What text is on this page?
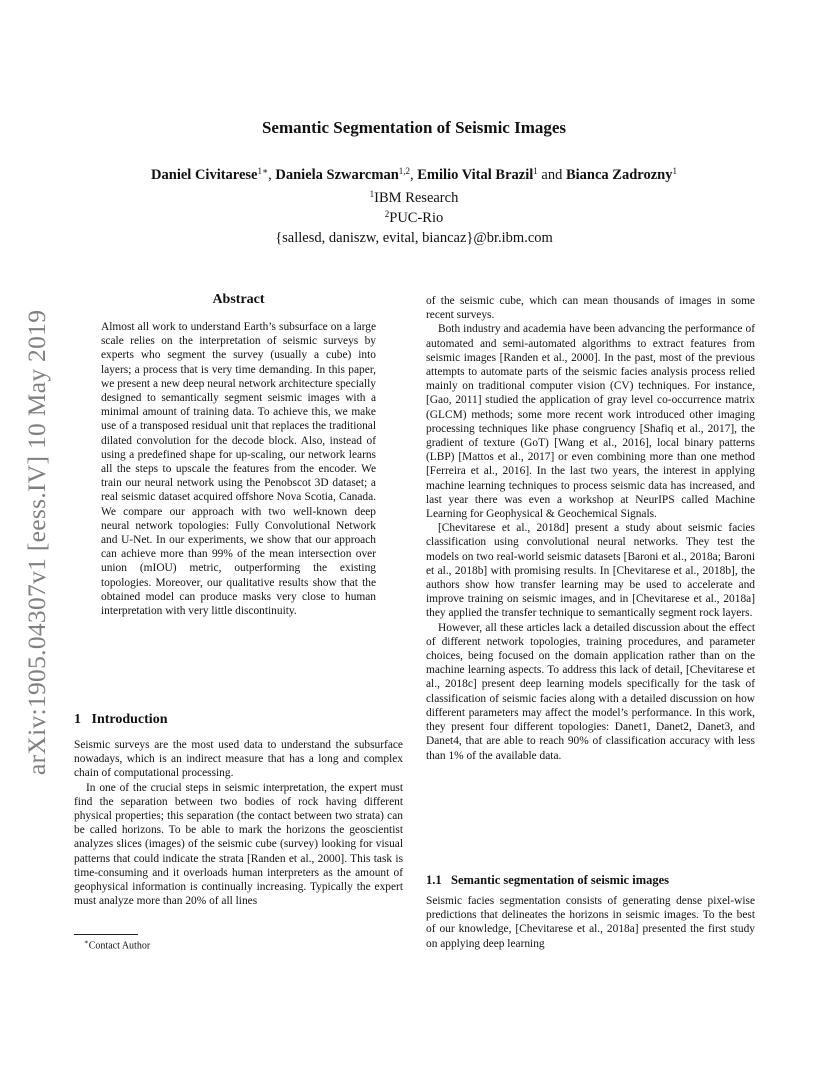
Semantic Segmentation of Seismic Images
Daniel Civitarese$^{1∗}$, Daniela Szwarcman$^{1,2}$, Emilio Vital Brazil$^1$ and Bianca Zadrozny$^1$
$^1$IBM Research
$^2$PUC-Rio
{sallesd, daniszw, evital, biancaz}@br.ibm.com
arXiv:1905.04307v1 [eess.IV] 10 May 2019
Abstract

Almost all work to understand Earth’s subsurface on a large scale relies on the interpretation of seismic surveys by experts who segment the survey (usually a cube) into layers; a process that is very time demanding. In this paper, we present a new deep neural network architecture specially designed to semantically segment seismic images with a minimal amount of training data. To achieve this, we make use of a transposed residual unit that replaces the traditional dilated convolution for the decode block. Also, instead of using a predefined shape for up-scaling, our network learns all the steps to upscale the features from the encoder. We train our neural network using the Penobscot 3D dataset; a real seismic dataset acquired offshore Nova Scotia, Canada. We compare our approach with two well-known deep neural network topologies: Fully Convolutional Network and U-Net. In our experiments, we show that our approach can achieve more than 99% of the mean intersection over union (mIOU) metric, outperforming the existing topologies. Moreover, our qualitative results show that the obtained model can produce masks very close to human interpretation with very little discontinuity.

1 Introduction

Seismic surveys are the most used data to understand the subsurface nowadays, which is an indirect measure that has a long and complex chain of computational processing.

In one of the crucial steps in seismic interpretation, the expert must find the separation between two bodies of rock having different physical properties; this separation (the contact between two strata) can be called horizons. To be able to mark the horizons the geoscientist analyzes slices (images) of the seismic cube (survey) looking for visual patterns that could indicate the strata [Randen et al., 2000]. This task is time-consuming and it overloads human interpreters as the amount of geophysical information is continually increasing. Typically the expert must analyze more than 20% of all lines

∗Contact Author

of the seismic cube, which can mean thousands of images in some recent surveys.

Both industry and academia have been advancing the performance of automated and semi-automated algorithms to extract features from seismic images [Randen et al., 2000]. In the past, most of the previous attempts to automate parts of the seismic facies analysis process relied mainly on traditional computer vision (CV) techniques. For instance, [Gao, 2011] studied the application of gray level co-occurrence matrix (GLCM) methods; some more recent work introduced other imaging processing techniques like phase congruency [Shafiq et al., 2017], the gradient of texture (GoT) [Wang et al., 2016], local binary patterns (LBP) [Mattos et al., 2017] or even combining more than one method [Ferreira et al., 2016]. In the last two years, the interest in applying machine learning techniques to process seismic data has increased, and last year there was even a workshop at NeurIPS called Machine Learning for Geophysical & Geochemical Signals.

[Chevitarese et al., 2018d] present a study about seismic facies classification using convolutional neural networks. They test the models on two real-world seismic datasets [Baroni et al., 2018a; Baroni et al., 2018b] with promising results. In [Chevitarese et al., 2018b], the authors show how transfer learning may be used to accelerate and improve training on seismic images, and in [Chevitarese et al., 2018a] they applied the transfer technique to semantically segment rock layers.

However, all these articles lack a detailed discussion about the effect of different network topologies, training procedures, and parameter choices, being focused on the domain application rather than on the machine learning aspects. To address this lack of detail, [Chevitarese et al., 2018c] present deep learning models specifically for the task of classification of seismic facies along with a detailed discussion on how different parameters may affect the model’s performance. In this work, they present four different topologies: Danet1, Danet2, Danet3, and Danet4, that are able to reach 90% of classification accuracy with less than 1% of the available data.

1.1 Semantic segmentation of seismic images

Seismic facies segmentation consists of generating dense pixel-wise predictions that delineates the horizons in seismic images. To the best of our knowledge, [Chevitarese et al., 2018a] presented the first study on applying deep learning
